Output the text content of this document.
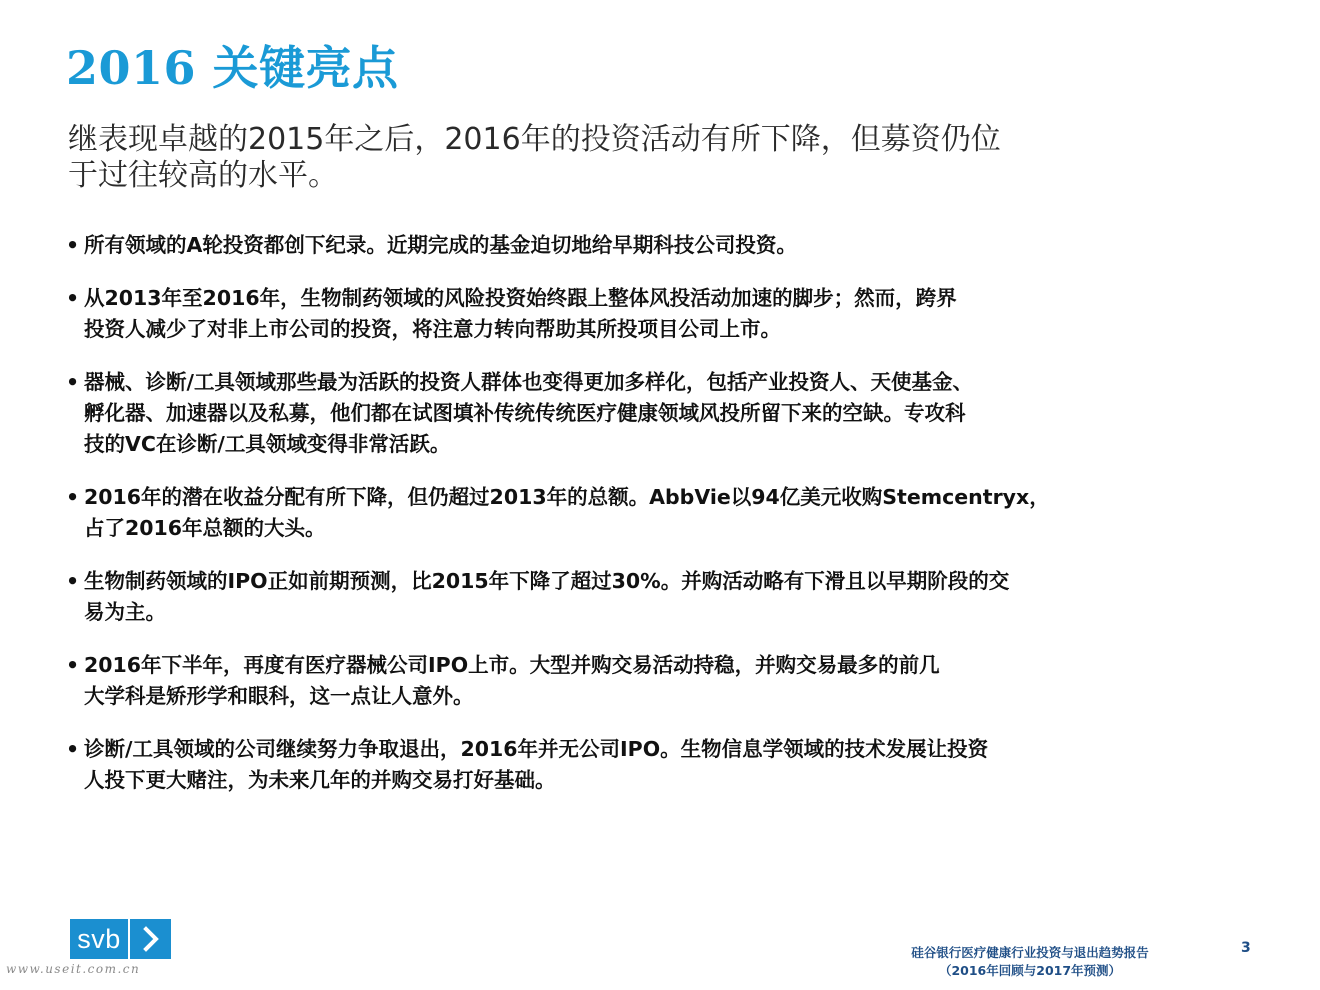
2016 关键亮点

继表现卓越的2015年之后，2016年的投资活动有所下降，但募资仍位
于过往较高的水平。

• 所有领域的A轮投资都创下纪录。近期完成的基金迫切地给早期科技公司投资。
• 从2013年至2016年，生物制药领域的风险投资始终跟上整体风投活动加速的脚步；然而，跨界
投资人减少了对非上市公司的投资，将注意力转向帮助其所投项目公司上市。
• 器械、诊断/工具领域那些最为活跃的投资人群体也变得更加多样化，包括产业投资人、天使基金、
孵化器、加速器以及私募，他们都在试图填补传统传统医疗健康领域风投所留下来的空缺。专攻科
技的VC在诊断/工具领域变得非常活跃。
• 2016年的潜在收益分配有所下降，但仍超过2013年的总额。AbbVie以94亿美元收购Stemcentryx，
占了2016年总额的大头。
• 生物制药领域的IPO正如前期预测，比2015年下降了超过30%。并购活动略有下滑且以早期阶段的交
易为主。
• 2016年下半年，再度有医疗器械公司IPO上市。大型并购交易活动持稳，并购交易最多的前几
大学科是矫形学和眼科，这一点让人意外。
• 诊断/工具领域的公司继续努力争取退出，2016年并无公司IPO。生物信息学领域的技术发展让投资
人投下更大赌注，为未来几年的并购交易打好基础。
svb
www.useit.com.cn
硅谷银行医疗健康行业投资与退出趋势报告
（2016年回顾与2017年预测）
3
